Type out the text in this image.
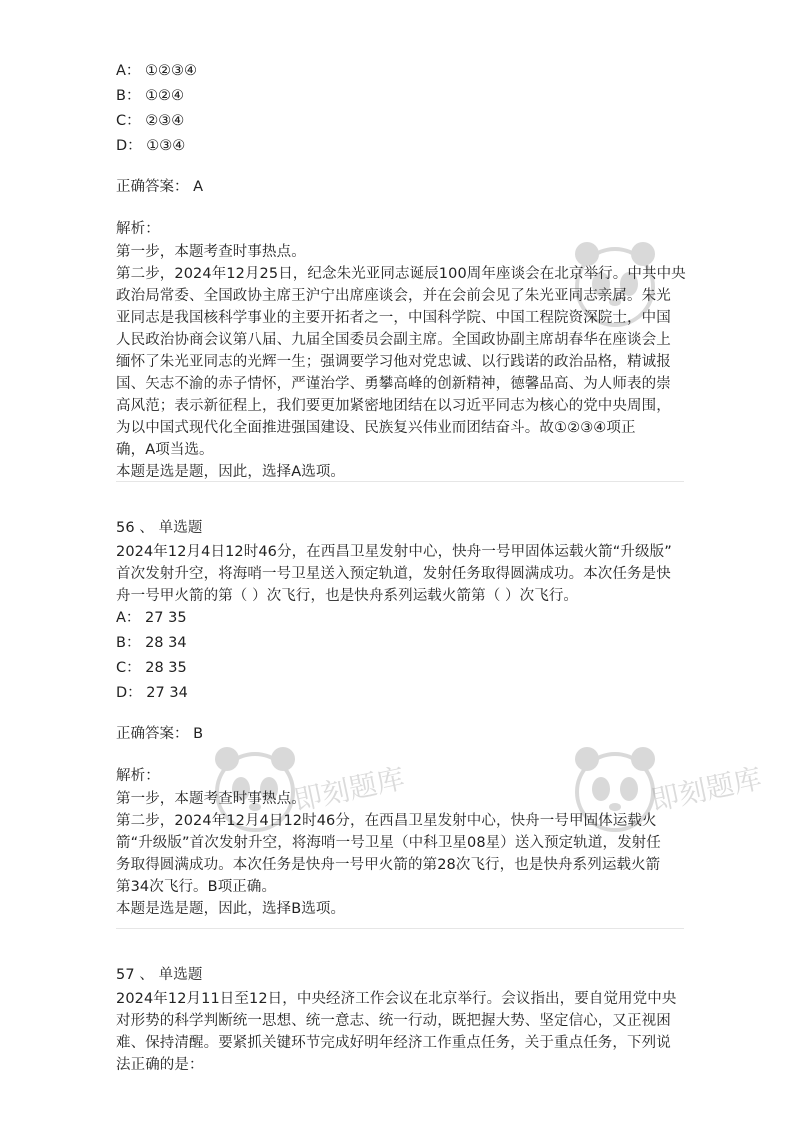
即刻题库	即刻题库
A： ①②③④
B： ①②④
C： ②③④
D： ①③④
正确答案： A
解析：
第一步，本题考查时事热点。
第二步，2024年12月25日，纪念朱光亚同志诞辰100周年座谈会在北京举行。中共中央
政治局常委、全国政协主席王沪宁出席座谈会，并在会前会见了朱光亚同志亲属。朱光
亚同志是我国核科学事业的主要开拓者之一，中国科学院、中国工程院资深院士，中国
人民政治协商会议第八届、九届全国委员会副主席。全国政协副主席胡春华在座谈会上
缅怀了朱光亚同志的光辉一生；强调要学习他对党忠诚、以行践诺的政治品格，精诚报
国、矢志不渝的赤子情怀，严谨治学、勇攀高峰的创新精神，德馨品高、为人师表的崇
高风范；表示新征程上，我们要更加紧密地团结在以习近平同志为核心的党中央周围，
为以中国式现代化全面推进强国建设、民族复兴伟业而团结奋斗。故①②③④项正
确，A项当选。
本题是选是题，因此，选择A选项。
56 、 单选题
2024年12月4日12时46分，在西昌卫星发射中心，快舟一号甲固体运载火箭“升级版”
首次发射升空，将海哨一号卫星送入预定轨道，发射任务取得圆满成功。本次任务是快
舟一号甲火箭的第（ ）次飞行，也是快舟系列运载火箭第（ ）次飞行。
A： 27 35
B： 28 34
C： 28 35
D： 27 34
正确答案： B
解析：
第一步，本题考查时事热点。
第二步，2024年12月4日12时46分，在西昌卫星发射中心，快舟一号甲固体运载火
箭“升级版”首次发射升空，将海哨一号卫星（中科卫星08星）送入预定轨道，发射任
务取得圆满成功。本次任务是快舟一号甲火箭的第28次飞行，也是快舟系列运载火箭
第34次飞行。B项正确。
本题是选是题，因此，选择B选项。
57 、 单选题
2024年12月11日至12日，中央经济工作会议在北京举行。会议指出，要自觉用党中央
对形势的科学判断统一思想、统一意志、统一行动，既把握大势、坚定信心，又正视困
难、保持清醒。要紧抓关键环节完成好明年经济工作重点任务，关于重点任务，下列说
法正确的是：
